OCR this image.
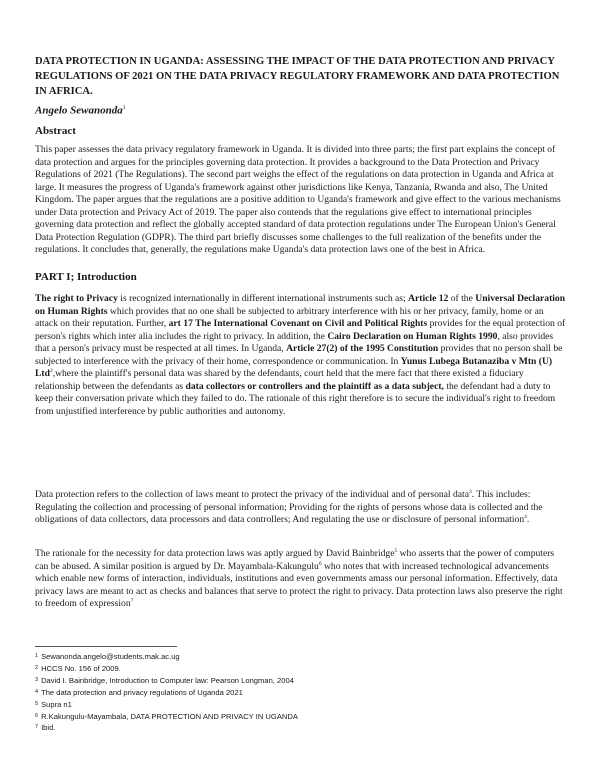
DATA PROTECTION IN UGANDA: ASSESSING THE IMPACT OF THE DATA PROTECTION AND PRIVACY REGULATIONS OF 2021 ON THE DATA PRIVACY REGULATORY FRAMEWORK AND DATA PROTECTION IN AFRICA.
Angelo Sewanonda$^1$
Abstract

This paper assesses the data privacy regulatory framework in Uganda. It is divided into three parts; the first part explains the concept of data protection and argues for the principles governing data protection. It provides a background to the Data Protection and Privacy Regulations of 2021 (The Regulations). The second part weighs the effect of the regulations on data protection in Uganda and Africa at large. It measures the progress of Uganda's framework against other jurisdictions like Kenya, Tanzania, Rwanda and also, The United Kingdom. The paper argues that the regulations are a positive addition to Uganda's framework and give effect to the various mechanisms under Data protection and Privacy Act of 2019. The paper also contends that the regulations give effect to international principles governing data protection and reflect the globally accepted standard of data protection regulations under The European Union's General Data Protection Regulation (GDPR). The third part briefly discusses some challenges to the full realization of the benefits under the regulations. It concludes that, generally, the regulations make Uganda's data protection laws one of the best in Africa.

PART I; Introduction

The right to Privacy is recognized internationally in different international instruments such as; Article 12 of the Universal Declaration on Human Rights which provides that no one shall be subjected to arbitrary interference with his or her privacy, family, home or an attack on their reputation. Further, art 17 The International Covenant on Civil and Political Rights provides for the equal protection of person's rights which inter alia includes the right to privacy. In addition, the Cairo Declaration on Human Rights 1990, also provides that a person's privacy must be respected at all times. In Uganda, Article 27(2) of the 1995 Constitution provides that no person shall be subjected to interference with the privacy of their home, correspondence or communication. In Yunus Lubega Butanaziba v Mtn (U) Ltd$^2$,where the plaintiff's personal data was shared by the defendants, court held that the mere fact that there existed a fiduciary relationship between the defendants as data collectors or controllers and the plaintiff as a data subject, the defendant had a duty to keep their conversation private which they failed to do. The rationale of this right therefore is to secure the individual's right to freedom from unjustified interference by public authorities and autonomy.

Data protection refers to the collection of laws meant to protect the privacy of the individual and of personal data$^3$. This includes: Regulating the collection and processing of personal information; Providing for the rights of persons whose data is collected and the obligations of data collectors, data processors and data controllers; And regulating the use or disclosure of personal information$^4$.

The rationale for the necessity for data protection laws was aptly argued by David Bainbridge$^5$ who asserts that the power of computers can be abused. A similar position is argued by Dr. Mayambala-Kakungulu$^6$ who notes that with increased technological advancements which enable new forms of interaction, individuals, institutions and even governments amass our personal information. Effectively, data privacy laws are meant to act as checks and balances that serve to protect the right to privacy. Data protection laws also preserve the right to freedom of expression$^7$

$^1$ Sewanonda.angelo@students.mak.ac.ug
$^2$ HCCS No. 156 of 2009.
$^3$ David I. Bainbridge, Introduction to Computer law: Pearson Longman, 2004
$^4$ The data protection and privacy regulations of Uganda 2021
$^5$ Supra n1
$^6$ R.Kakungulu-Mayambala, DATA PROTECTION AND PRIVACY IN UGANDA
$^7$ Ibid.
